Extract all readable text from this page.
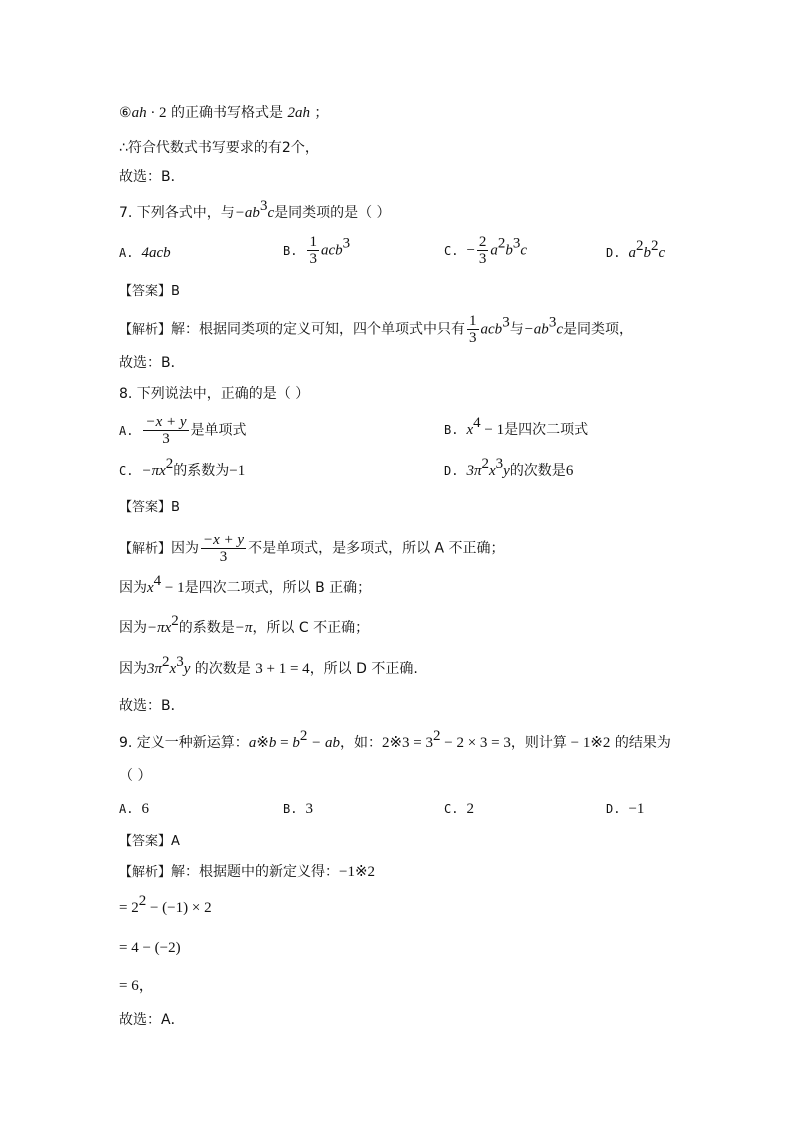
⑥ah · 2 的正确书写格式是 2ah ；
∴符合代数式书写要求的有2个，
故选：B．
7. 下列各式中，与$-ab^3c$是同类项的是（ ）
A. 4acb	B. $\frac{1}{3} acb^3$	C. − $\frac{2}{3} a^2b^3c$	D. $a^2b^2c$
【答案】B
【解析】解：根据同类项的定义可知，四个单项式中只有 $\frac{1}{3} acb^3$与$-ab^3c$是同类项，
故选：B．
8. 下列说法中，正确的是（ ）
A. $\frac{-x + y}{3}$ 是单项式	B. $x^4 - 1$是四次二项式
C. $-\pi x^2$的系数为−1	D. $3\pi^2x^3y$的次数是6
【答案】B
【解析】因为 $\frac{-x + y}{3}$ 不是单项式，是多项式，所以 A 不正确；
因为$x^4 - 1$是四次二项式，所以 B 正确；
因为$-\pi x^2$的系数是−π，所以 C 不正确；
因为$3\pi^2x^3y$ 的次数是 3 + 1 = 4，所以 D 不正确.
故选：B．
9. 定义一种新运算：a※b = $b^2$ − ab，如：2※3 = $3^2 - 2 \times 3 = 3$，则计算 − 1※2 的结果为
（ ）
A. 6	B. 3	C. 2	D. −1
【答案】A
【解析】解：根据题中的新定义得：−1※2
= $2^2 - (-1) \times 2$
= 4 − (−2)
= 6，
故选：A．
